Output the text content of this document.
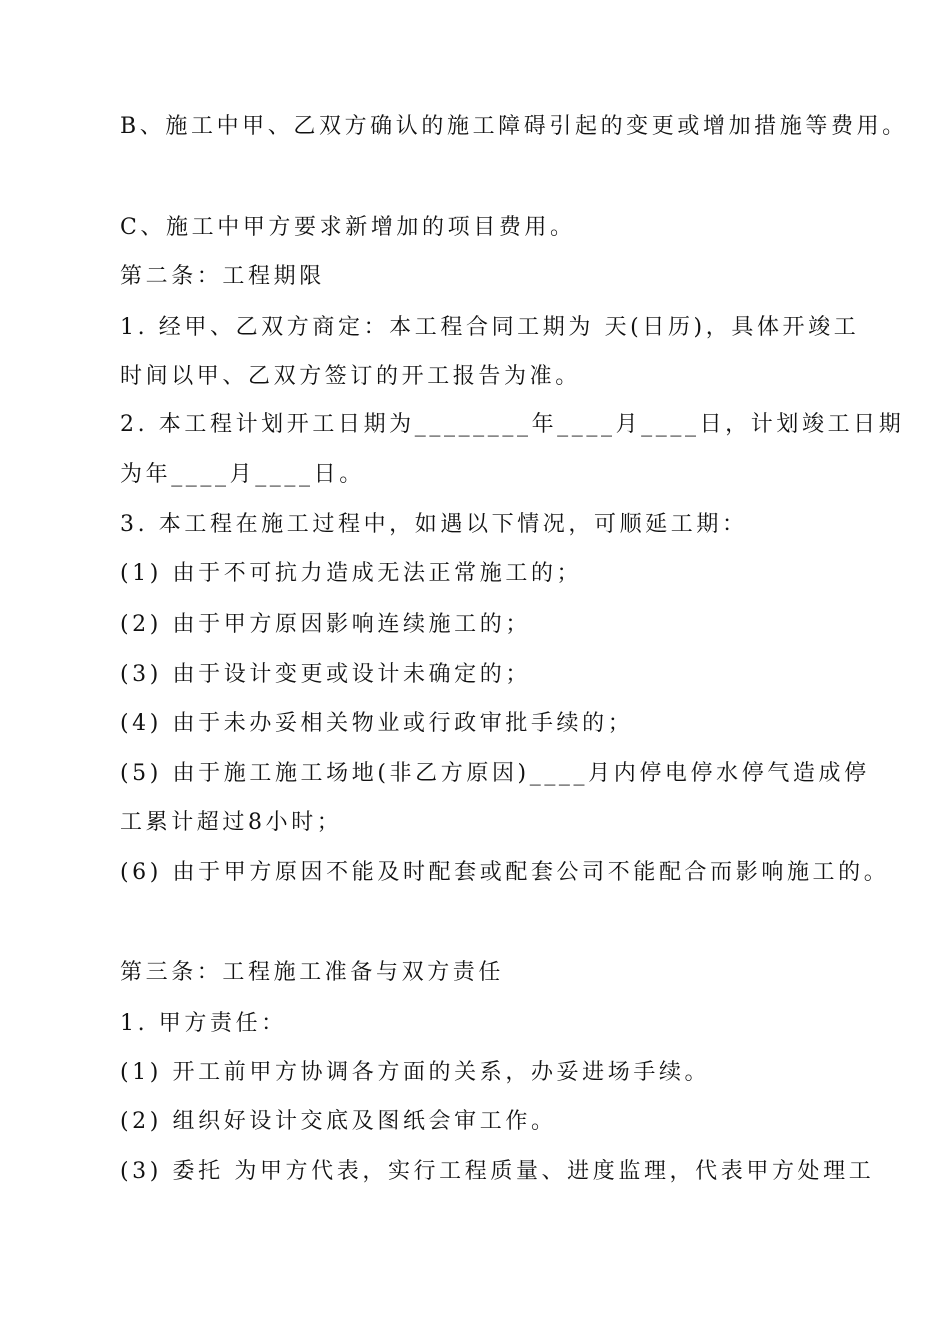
B、施工中甲、乙双方确认的施工障碍引起的变更或增加措施等费用。
C、施工中甲方要求新增加的项目费用。
第二条：工程期限
1. 经甲、乙双方商定：本工程合同工期为 天(日历)，具体开竣工
时间以甲、乙双方签订的开工报告为准。
2. 本工程计划开工日期为________年____月____日，计划竣工日期
为年____月____日。
3. 本工程在施工过程中，如遇以下情况，可顺延工期：
(1) 由于不可抗力造成无法正常施工的；
(2) 由于甲方原因影响连续施工的；
(3) 由于设计变更或设计未确定的；
(4) 由于未办妥相关物业或行政审批手续的；
(5) 由于施工施工场地(非乙方原因)____月内停电停水停气造成停
工累计超过8小时；
(6) 由于甲方原因不能及时配套或配套公司不能配合而影响施工的。
第三条：工程施工准备与双方责任
1. 甲方责任：
(1) 开工前甲方协调各方面的关系，办妥进场手续。
(2) 组织好设计交底及图纸会审工作。
(3) 委托 为甲方代表，实行工程质量、进度监理，代表甲方处理工
